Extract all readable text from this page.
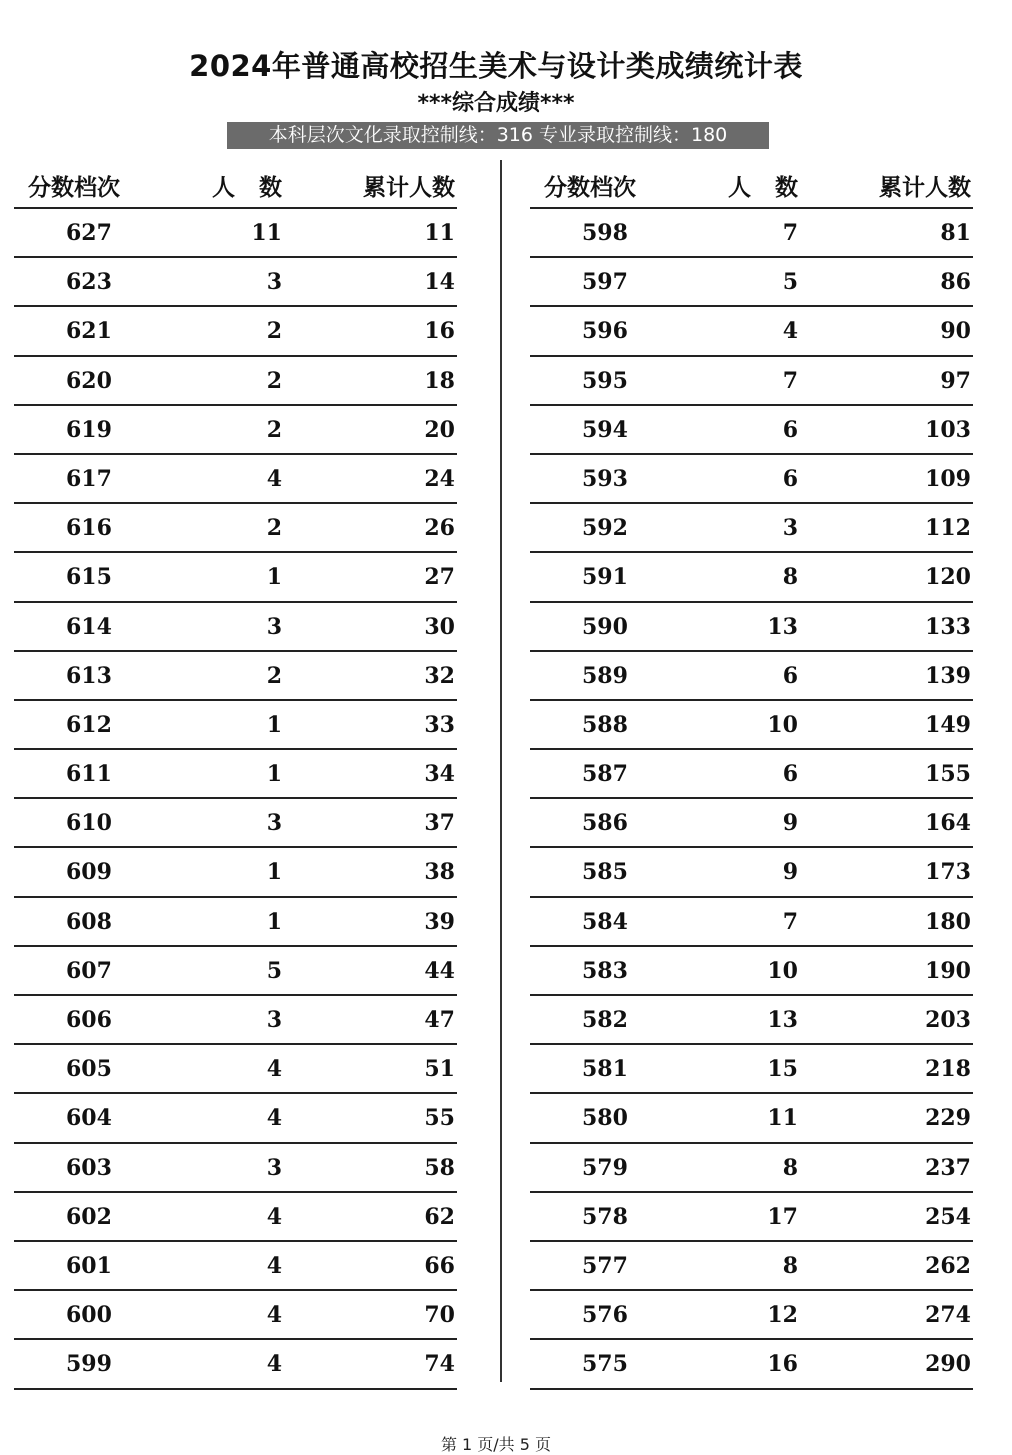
2024年普通高校招生美术与设计类成绩统计表
***综合成绩***
本科层次文化录取控制线：316 专业录取控制线：180
分数档次	人数 累计人数
627	11	11
623	3	14
621	2	16
620	2	18
619	2	20
617	4	24
616	2	26
615	1	27
614	3	30
613	2	32
612	1	33
611	1	34
610	3	37
609	1	38
608	1	39
607	5	44
606	3	47
605	4	51
604	4	55
603	3	58
602	4	62
601	4	66
600	4	70
599	4	74
分数档次	人数 累计人数
598	7	81
597	5	86
596	4	90
595	7	97
594	6	103
593	6	109
592	3	112
591	8	120
590	13	133
589	6	139
588	10	149
587	6	155
586	9	164
585	9	173
584	7	180
583	10	190
582	13	203
581	15	218
580	11	229
579	8	237
578	17	254
577	8	262
576	12	274
575	16	290
第 1 页/共 5 页
